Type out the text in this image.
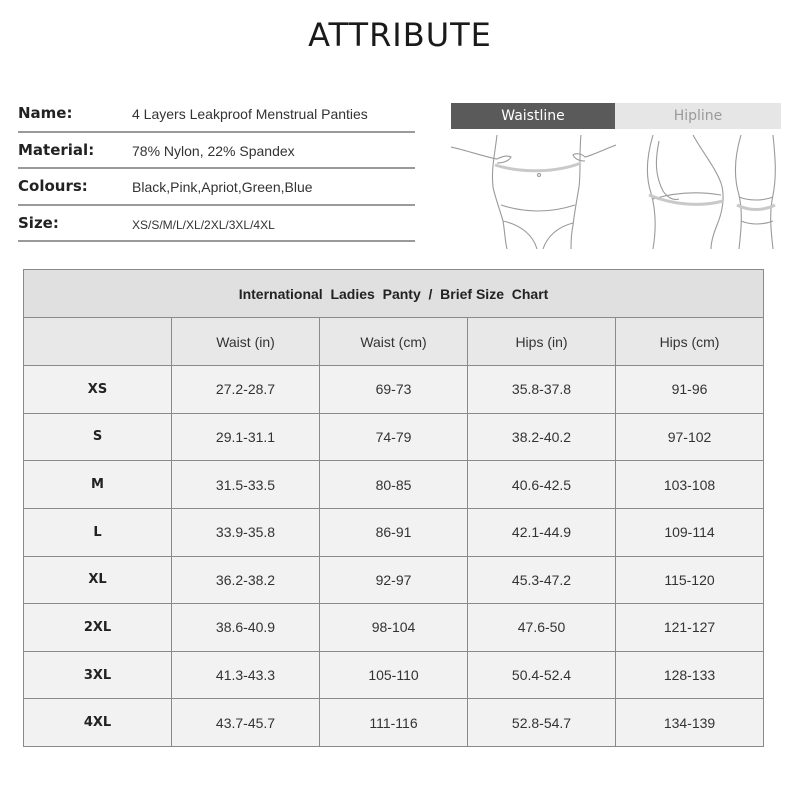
ATTRIBUTE
Name:	4 Layers Leakproof Menstrual Panties
Material:	78% Nylon, 22% Spandex
Colours:	Black,Pink,Apriot,Green,Blue
Size:	XS/S/M/L/XL/2XL/3XL/4XL
Waistline	Hipline
International  Ladies  Panty  /  Brief Size  Chart				
	Waist (in)	Waist (cm)	Hips (in)	Hips (cm)
XS	27.2-28.7	69-73	35.8-37.8	91-96
S	29.1-31.1	74-79	38.2-40.2	97-102
M	31.5-33.5	80-85	40.6-42.5	103-108
L	33.9-35.8	86-91	42.1-44.9	109-114
XL	36.2-38.2	92-97	45.3-47.2	115-120
2XL	38.6-40.9	98-104	47.6-50	121-127
3XL	41.3-43.3	105-110	50.4-52.4	128-133
4XL	43.7-45.7	111-116	52.8-54.7	134-139
